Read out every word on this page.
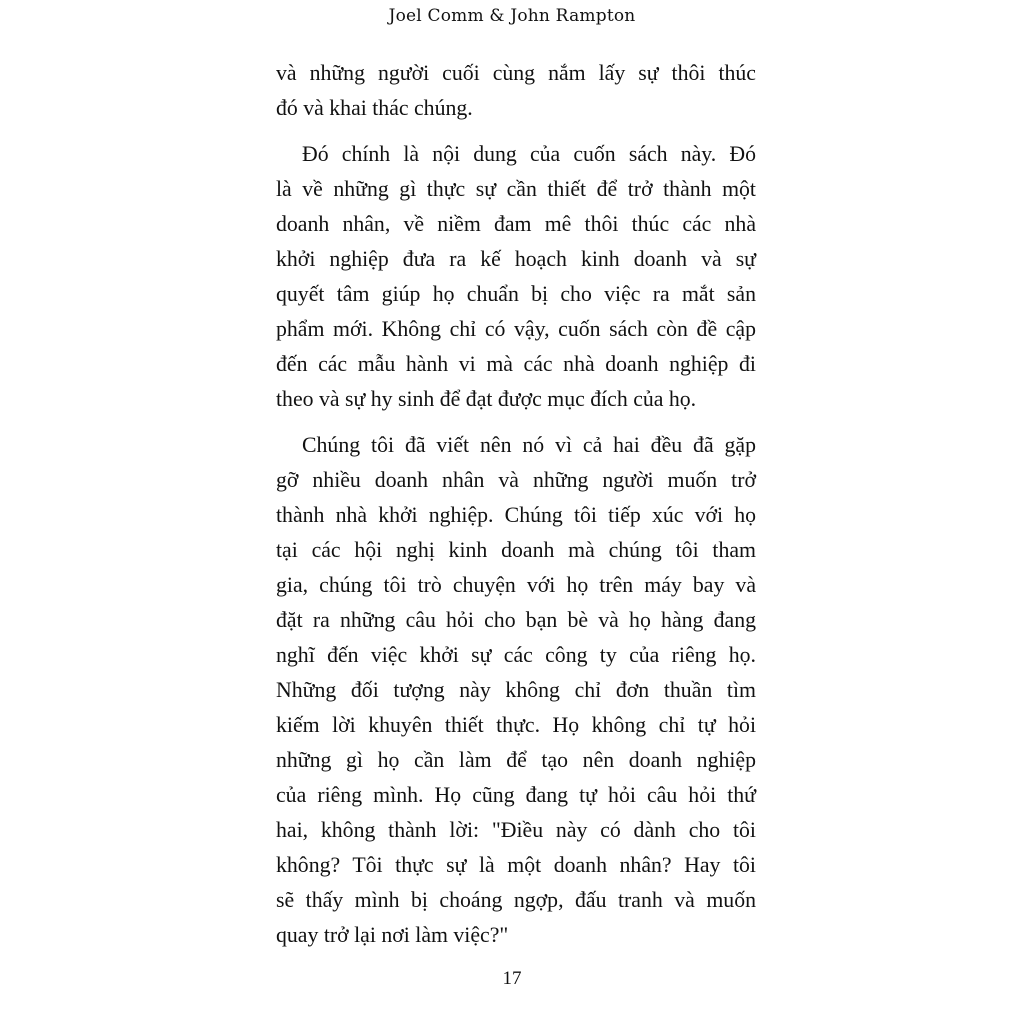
Joel Comm & John Rampton

và những người cuối cùng nắm lấy sự thôi thúc
đó và khai thác chúng.

Đó chính là nội dung của cuốn sách này. Đó
là về những gì thực sự cần thiết để trở thành một
doanh nhân, về niềm đam mê thôi thúc các nhà
khởi nghiệp đưa ra kế hoạch kinh doanh và sự
quyết tâm giúp họ chuẩn bị cho việc ra mắt sản
phẩm mới. Không chỉ có vậy, cuốn sách còn đề cập
đến các mẫu hành vi mà các nhà doanh nghiệp đi
theo và sự hy sinh để đạt được mục đích của họ.

Chúng tôi đã viết nên nó vì cả hai đều đã gặp
gỡ nhiều doanh nhân và những người muốn trở
thành nhà khởi nghiệp. Chúng tôi tiếp xúc với họ
tại các hội nghị kinh doanh mà chúng tôi tham
gia, chúng tôi trò chuyện với họ trên máy bay và
đặt ra những câu hỏi cho bạn bè và họ hàng đang
nghĩ đến việc khởi sự các công ty của riêng họ.
Những đối tượng này không chỉ đơn thuần tìm
kiếm lời khuyên thiết thực. Họ không chỉ tự hỏi
những gì họ cần làm để tạo nên doanh nghiệp
của riêng mình. Họ cũng đang tự hỏi câu hỏi thứ
hai, không thành lời: "Điều này có dành cho tôi
không? Tôi thực sự là một doanh nhân? Hay tôi
sẽ thấy mình bị choáng ngợp, đấu tranh và muốn
quay trở lại nơi làm việc?"

17
